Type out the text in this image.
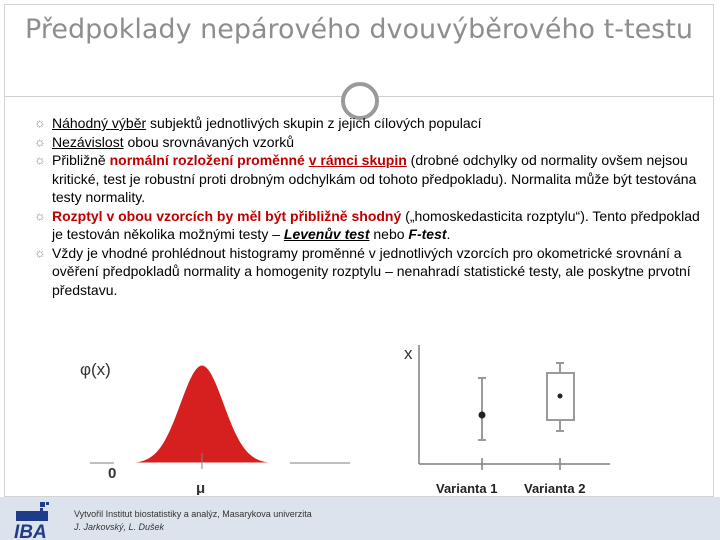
Předpoklady nepárového dvouvýběrového t-testu
☼ Náhodný výběr subjektů jednotlivých skupin z jejich cílových populací
☼ Nezávislost obou srovnávaných vzorků
☼ Přibližně normální rozložení proměnné v rámci skupin (drobné odchylky od normality ovšem nejsou kritické, test je robustní proti drobným odchylkám od tohoto předpokladu). Normalita může být testována testy normality.
☼ Rozptyl v obou vzorcích by měl být přibližně shodný („homoskedasticita rozptylu“). Tento předpoklad je testován několika možnými testy – Levenův test nebo F-test.
☼ Vždy je vhodné prohlédnout histogramy proměnné v jednotlivých vzorcích pro okometrické srovnání a ověření předpokladů normality a homogenity rozptylu – nenahradí statistické testy, ale poskytne prvotní představu.
φ(x)
0
μ
x
Varianta 1 Varianta 2
IBA
Vytvořil Institut biostatistiky a analýz, Masarykova univerzita
J. Jarkovský, L. Dušek
